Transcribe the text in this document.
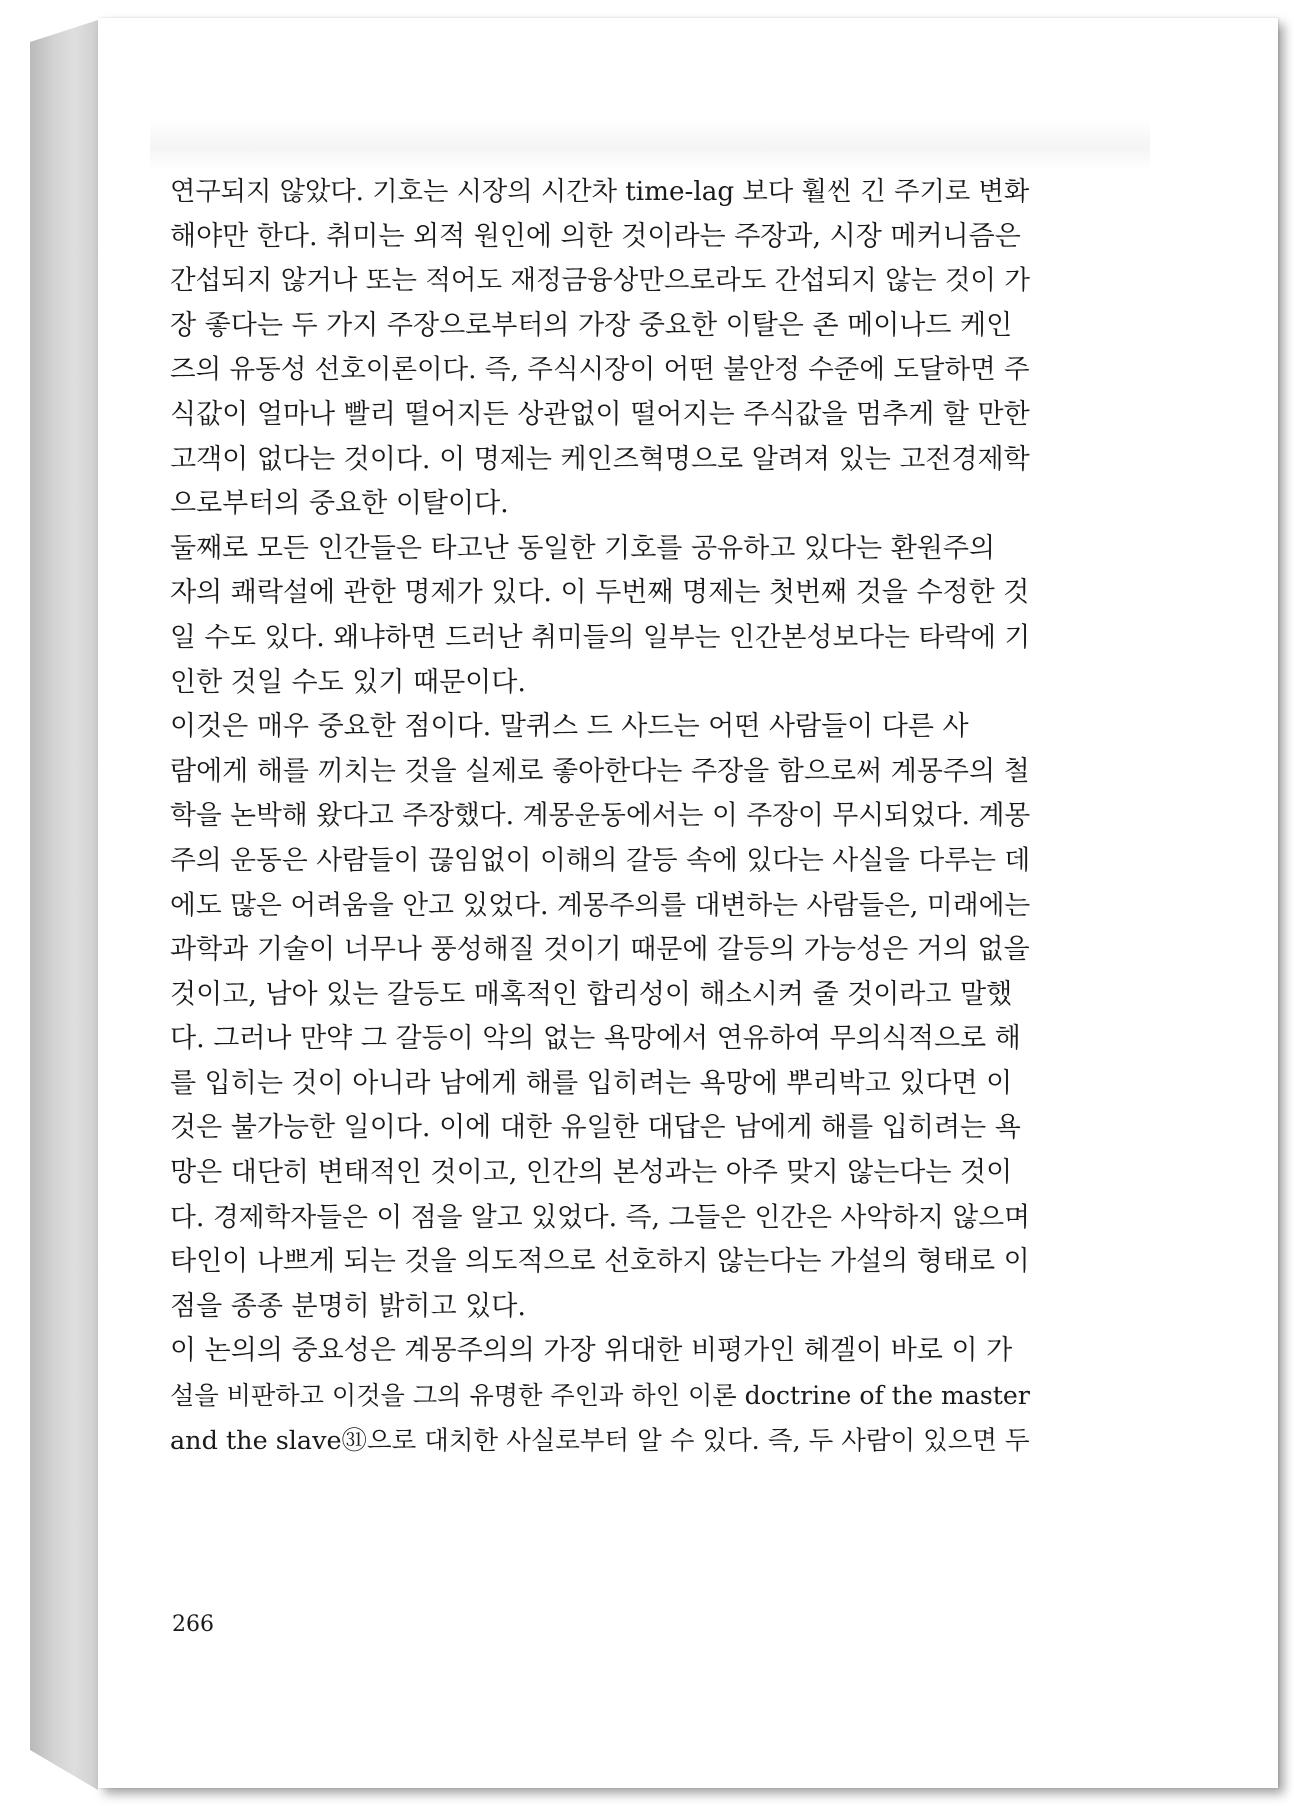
연구되지 않았다. 기호는 시장의 시간차 time-lag 보다 훨씬 긴 주기로 변화
해야만 한다. 취미는 외적 원인에 의한 것이라는 주장과, 시장 메커니즘은
간섭되지 않거나 또는 적어도 재정금융상만으로라도 간섭되지 않는 것이 가
장 좋다는 두 가지 주장으로부터의 가장 중요한 이탈은 존 메이나드 케인
즈의 유동성 선호이론이다. 즉, 주식시장이 어떤 불안정 수준에 도달하면 주
식값이 얼마나 빨리 떨어지든 상관없이 떨어지는 주식값을 멈추게 할 만한
고객이 없다는 것이다. 이 명제는 케인즈혁명으로 알려져 있는 고전경제학
으로부터의 중요한 이탈이다.
둘째로 모든 인간들은 타고난 동일한 기호를 공유하고 있다는 환원주의
자의 쾌락설에 관한 명제가 있다. 이 두번째 명제는 첫번째 것을 수정한 것
일 수도 있다. 왜냐하면 드러난 취미들의 일부는 인간본성보다는 타락에 기
인한 것일 수도 있기 때문이다.
이것은 매우 중요한 점이다. 말퀴스 드 사드는 어떤 사람들이 다른 사
람에게 해를 끼치는 것을 실제로 좋아한다는 주장을 함으로써 계몽주의 철
학을 논박해 왔다고 주장했다. 계몽운동에서는 이 주장이 무시되었다. 계몽
주의 운동은 사람들이 끊임없이 이해의 갈등 속에 있다는 사실을 다루는 데
에도 많은 어려움을 안고 있었다. 계몽주의를 대변하는 사람들은, 미래에는
과학과 기술이 너무나 풍성해질 것이기 때문에 갈등의 가능성은 거의 없을
것이고, 남아 있는 갈등도 매혹적인 합리성이 해소시켜 줄 것이라고 말했
다. 그러나 만약 그 갈등이 악의 없는 욕망에서 연유하여 무의식적으로 해
를 입히는 것이 아니라 남에게 해를 입히려는 욕망에 뿌리박고 있다면 이
것은 불가능한 일이다. 이에 대한 유일한 대답은 남에게 해를 입히려는 욕
망은 대단히 변태적인 것이고, 인간의 본성과는 아주 맞지 않는다는 것이
다. 경제학자들은 이 점을 알고 있었다. 즉, 그들은 인간은 사악하지 않으며
타인이 나쁘게 되는 것을 의도적으로 선호하지 않는다는 가설의 형태로 이
점을 종종 분명히 밝히고 있다.
이 논의의 중요성은 계몽주의의 가장 위대한 비평가인 헤겔이 바로 이 가
설을 비판하고 이것을 그의 유명한 주인과 하인 이론 doctrine of the master
and the slave㉛으로 대치한 사실로부터 알 수 있다. 즉, 두 사람이 있으면 두
266
